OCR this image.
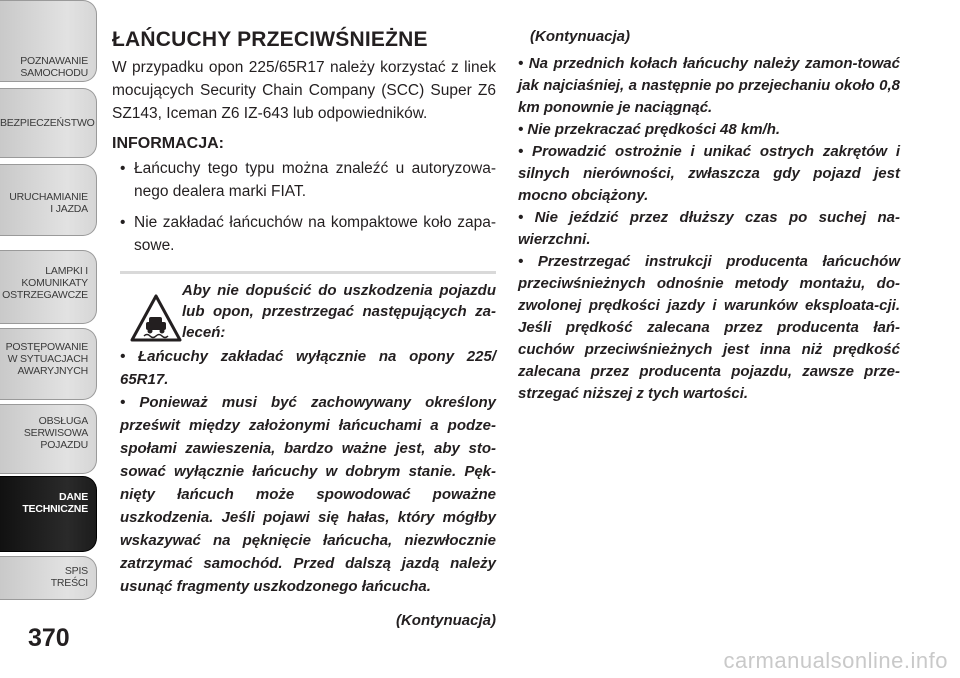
POZNAWANIE
SAMOCHODU
BEZPIECZEŃSTWO
URUCHAMIANIE
I JAZDA
LAMPKI I
KOMUNIKATY
OSTRZEGAWCZE
POSTĘPOWANIE
W SYTUACJACH
AWARYJNYCH
OBSŁUGA
SERWISOWA
POJAZDU
DANE
TECHNICZNE
SPIS
TREŚCI
370
ŁAŃCUCHY PRZECIWŚNIEŻNE

W przypadku opon 225/65R17 należy korzystać z linek mocujących Security Chain Company (SCC) Super Z6 SZ143, Iceman Z6 IZ-643 lub odpowiedników.

INFORMACJA:
• Łańcuchy tego typu można znaleźć u autoryzowa-nego dealera marki FIAT.
• Nie zakładać łańcuchów na kompaktowe koło zapa-sowe.
Aby nie dopuścić do uszkodzenia pojazdu lub opon, przestrzegać następujących za-leceń:
• Łańcuchy zakładać wyłącznie na opony 225/ 65R17.
• Ponieważ musi być zachowywany określony prześwit między założonymi łańcuchami a podze-społami zawieszenia, bardzo ważne jest, aby sto-sować wyłącznie łańcuchy w dobrym stanie. Pęk-nięty łańcuch może spowodować poważne uszkodzenia. Jeśli pojawi się hałas, który mógłby wskazywać na pęknięcie łańcucha, niezwłocznie zatrzymać samochód. Przed dalszą jazdą należy usunąć fragmenty uszkodzonego łańcucha.
(Kontynuacja)
(Kontynuacja)

• Na przednich kołach łańcuchy należy zamon-tować jak najciaśniej, a następnie po przejechaniu około 0,8 km ponownie je naciągnąć.

• Nie przekraczać prędkości 48 km/h.

• Prowadzić ostrożnie i unikać ostrych zakrętów i silnych nierówności, zwłaszcza gdy pojazd jest mocno obciążony.

• Nie jeździć przez dłuższy czas po suchej na-wierzchni.

• Przestrzegać instrukcji producenta łańcuchów przeciwśnieżnych odnośnie metody montażu, do-zwolonej prędkości jazdy i warunków eksploata-cji. Jeśli prędkość zalecana przez producenta łań-cuchów przeciwśnieżnych jest inna niż prędkość zalecana przez producenta pojazdu, zawsze prze-strzegać niższej z tych wartości.

carmanualsonline.info
